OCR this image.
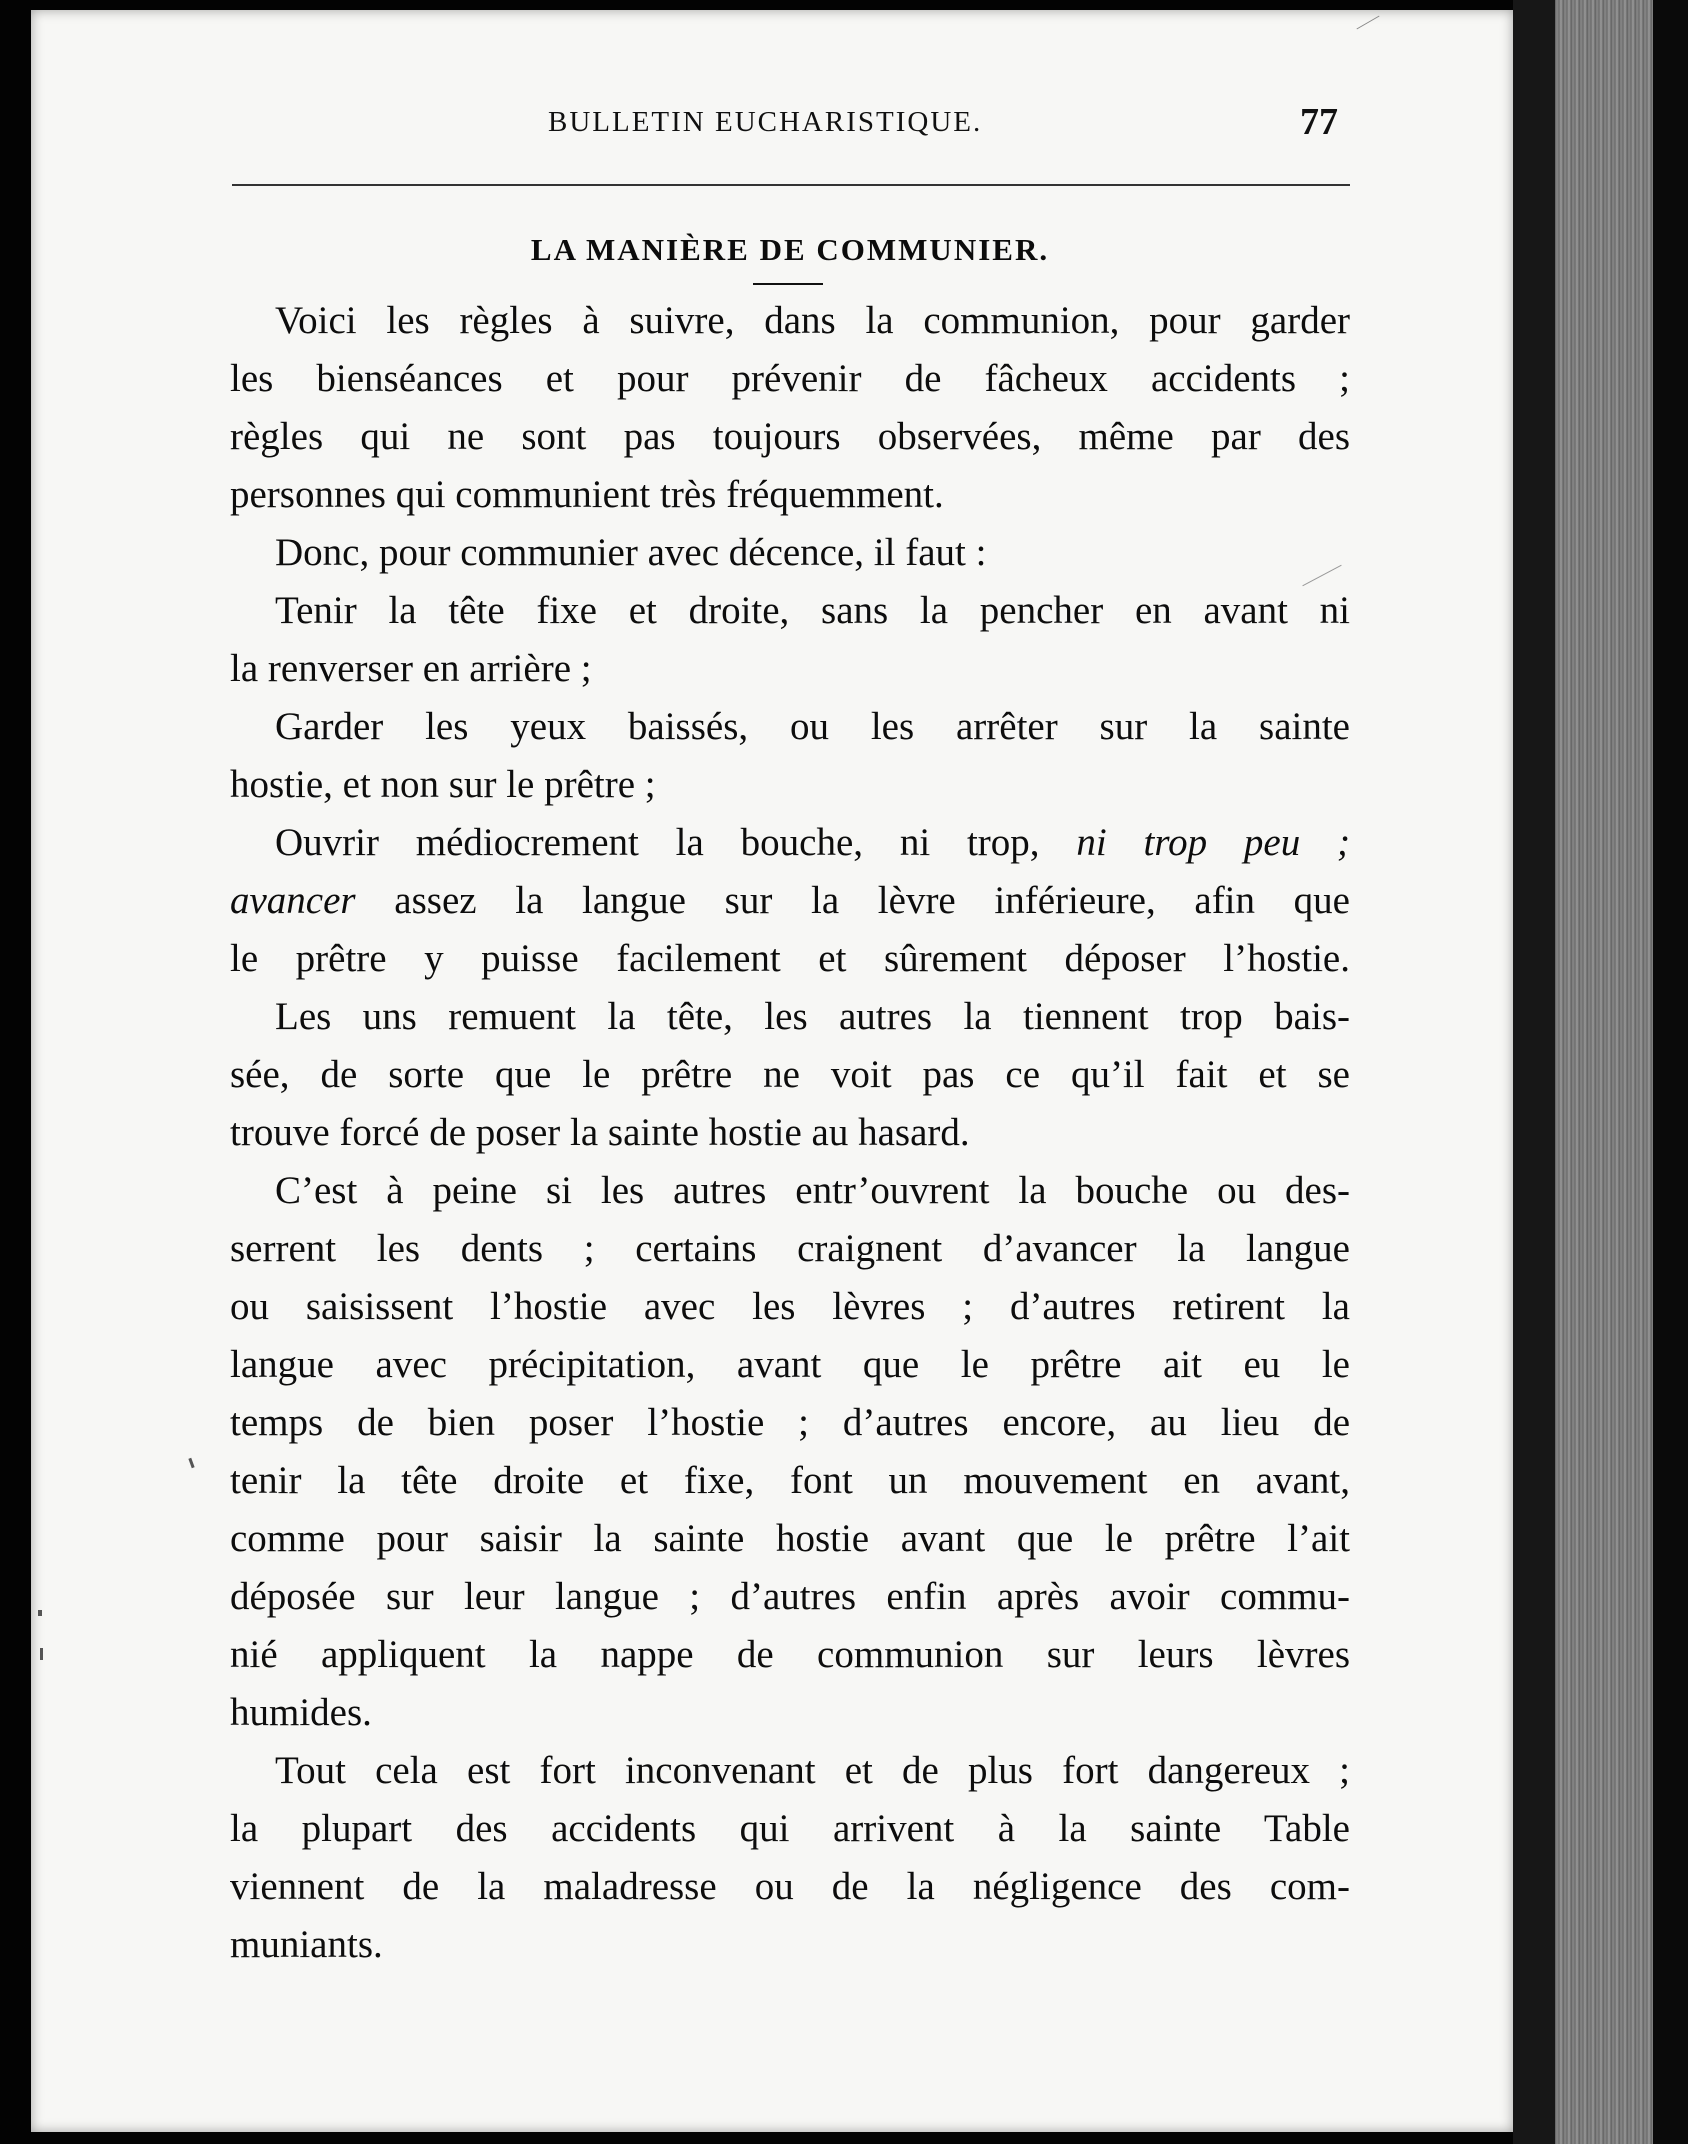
BULLETIN EUCHARISTIQUE.	77
LA MANIÈRE DE COMMUNIER.
Voici les règles à suivre, dans la communion, pour garder
les bienséances et pour prévenir de fâcheux accidents ;
règles qui ne sont pas toujours observées, même par des
personnes qui communient très fréquemment.
Donc, pour communier avec décence, il faut :
Tenir la tête fixe et droite, sans la pencher en avant ni
la renverser en arrière ;
Garder les yeux baissés, ou les arrêter sur la sainte
hostie, et non sur le prêtre ;
Ouvrir médiocrement la bouche, ni trop, ni trop peu ;
avancer assez la langue sur la lèvre inférieure, afin que
le prêtre y puisse facilement et sûrement déposer l’hostie.
Les uns remuent la tête, les autres la tiennent trop bais-
sée, de sorte que le prêtre ne voit pas ce qu’il fait et se
trouve forcé de poser la sainte hostie au hasard.
C’est à peine si les autres entr’ouvrent la bouche ou des-
serrent les dents ; certains craignent d’avancer la langue
ou saisissent l’hostie avec les lèvres ; d’autres retirent la
langue avec précipitation, avant que le prêtre ait eu le
temps de bien poser l’hostie ; d’autres encore, au lieu de
tenir la tête droite et fixe, font un mouvement en avant,
comme pour saisir la sainte hostie avant que le prêtre l’ait
déposée sur leur langue ; d’autres enfin après avoir commu-
nié appliquent la nappe de communion sur leurs lèvres
humides.
Tout cela est fort inconvenant et de plus fort dangereux ;
la plupart des accidents qui arrivent à la sainte Table
viennent de la maladresse ou de la négligence des com-
muniants.
